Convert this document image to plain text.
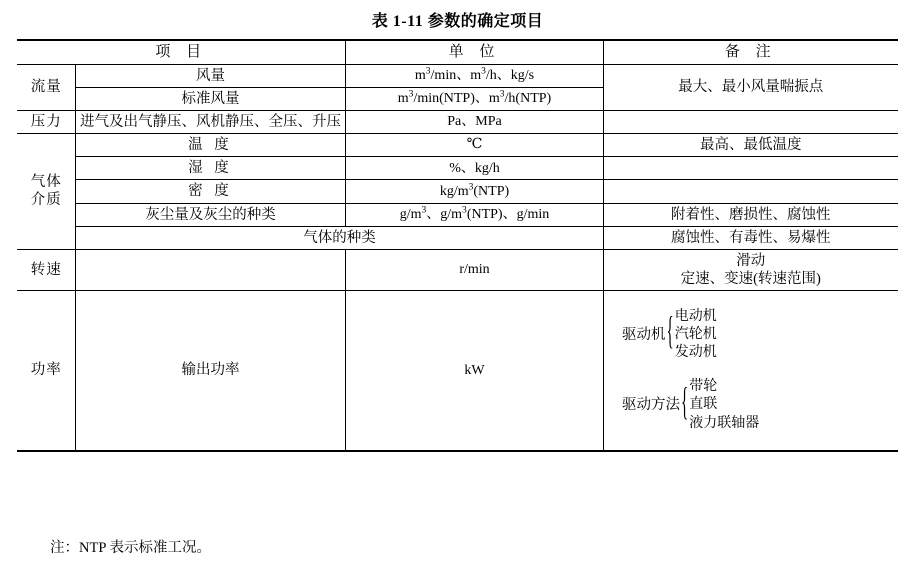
表 1-11 参数的确定项目
项 目		单 位	备 注
流量	风量	$m^3/\min$、$m^3/h$、kg/s	最大、最小风量喘振点
	标准风量	$m^3/\min(NTP)$、$m^3/h(NTP)$	
压力	进气及出气静压、风机静压、全压、升压	Pa、MPa	
气体
介质	温 度	℃	最高、最低温度
	湿 度	%、kg/h	
	密 度	$kg/m^3(NTP)$	
	灰尘量及灰尘的种类	$g/m^3$、$g/m^3(NTP)$、g/min	附着性、磨损性、腐蚀性
	气体的种类		腐蚀性、有毒性、易爆性
转速		r/min	滑动
定速、变速(转速范围)

功率	输出功率	kW	
驱动机 { 电动机
汽轮机
发动机
驱动方法 { 带轮
直联
液力联轴器
注：NTP 表示标准工况。
